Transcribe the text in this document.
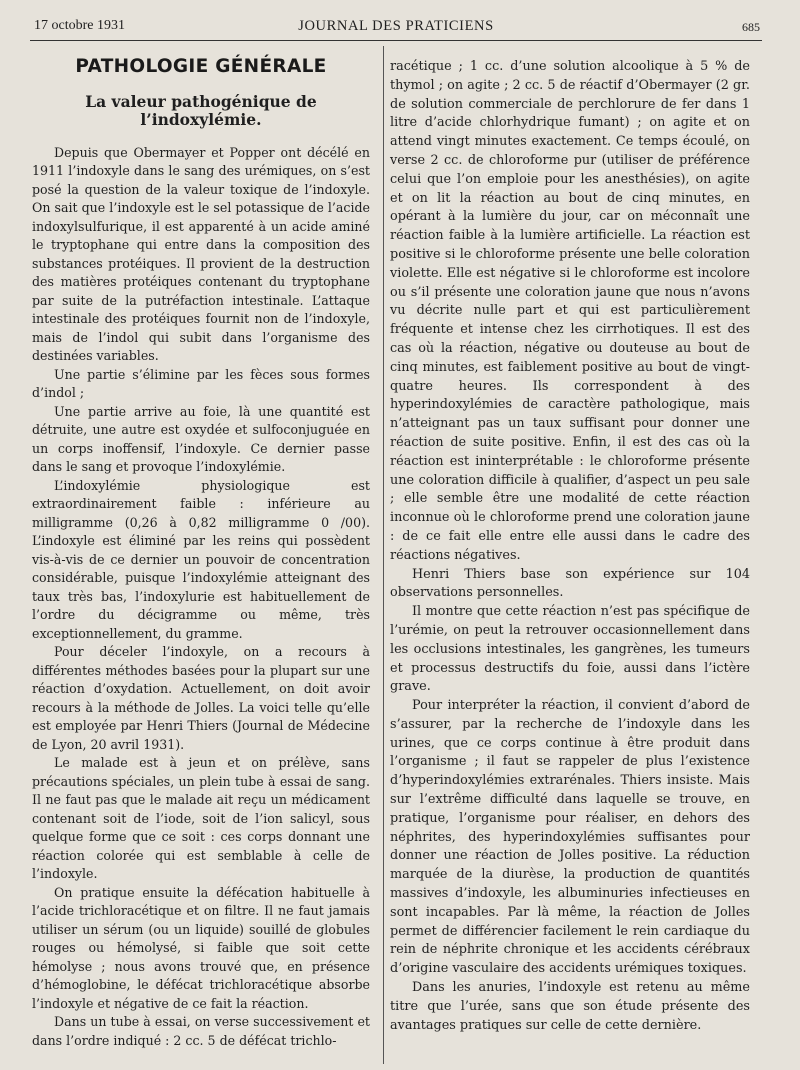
17 octobre 1931	JOURNAL DES PRATICIENS	685
PATHOLOGIE GÉNÉRALE
La valeur pathogénique de l’indoxylémie.

Depuis que Obermayer et Popper ont décélé en 1911 l’indoxyle dans le sang des urémiques, on s’est posé la question de la valeur toxique de l’indoxyle. On sait que l’indoxyle est le sel potassique de l’acide indoxylsulfurique, il est apparenté à un acide aminé le tryptophane qui entre dans la composition des substances protéiques. Il provient de la destruction des matières protéiques contenant du tryptophane par suite de la putréfaction intestinale. L’attaque intestinale des protéiques fournit non de l’indoxyle, mais de l’indol qui subit dans l’organisme des destinées variables.

Une partie s’élimine par les fèces sous formes d’indol ;

Une partie arrive au foie, là une quantité est détruite, une autre est oxydée et sulfoconjuguée en un corps inoffensif, l’indoxyle. Ce dernier passe dans le sang et provoque l’indoxylémie.

L’indoxylémie physiologique est extraordinairement faible : inférieure au milligramme (0,26 à 0,82 milligramme 0 /00). L’indoxyle est éliminé par les reins qui possèdent vis-à-vis de ce dernier un pouvoir de concentration considérable, puisque l’indoxylémie atteignant des taux très bas, l’indoxylurie est habituellement de l’ordre du décigramme ou même, très exceptionnellement, du gramme.

Pour déceler l’indoxyle, on a recours à différentes méthodes basées pour la plupart sur une réaction d’oxydation. Actuellement, on doit avoir recours à la méthode de Jolles. La voici telle qu’elle est employée par Henri Thiers (Journal de Médecine de Lyon, 20 avril 1931).

Le malade est à jeun et on prélève, sans précautions spéciales, un plein tube à essai de sang. Il ne faut pas que le malade ait reçu un médicament contenant soit de l’iode, soit de l’ion salicyl, sous quelque forme que ce soit : ces corps donnant une réaction colorée qui est semblable à celle de l’indoxyle.

On pratique ensuite la défécation habituelle à l’acide trichloracétique et on filtre. Il ne faut jamais utiliser un sérum (ou un liquide) souillé de globules rouges ou hémolysé, si faible que soit cette hémolyse ; nous avons trouvé que, en présence d’hémoglobine, le défécat trichloracétique absorbe l’indoxyle et négative de ce fait la réaction.

Dans un tube à essai, on verse successivement et dans l’ordre indiqué : 2 cc. 5 de défécat trichlo-

racétique ; 1 cc. d’une solution alcoolique à 5 % de thymol ; on agite ; 2 cc. 5 de réactif d’Obermayer (2 gr. de solution commerciale de perchlorure de fer dans 1 litre d’acide chlorhydrique fumant) ; on agite et on attend vingt minutes exactement. Ce temps écoulé, on verse 2 cc. de chloroforme pur (utiliser de préférence celui que l’on emploie pour les anesthésies), on agite et on lit la réaction au bout de cinq minutes, en opérant à la lumière du jour, car on méconnaît une réaction faible à la lumière artificielle. La réaction est positive si le chloroforme présente une belle coloration violette. Elle est négative si le chloroforme est incolore ou s’il présente une coloration jaune que nous n’avons vu décrite nulle part et qui est particulièrement fréquente et intense chez les cirrhotiques. Il est des cas où la réaction, négative ou douteuse au bout de cinq minutes, est faiblement positive au bout de vingt-quatre heures. Ils correspondent à des hyperindoxylémies de caractère pathologique, mais n’atteignant pas un taux suffisant pour donner une réaction de suite positive. Enfin, il est des cas où la réaction est ininterprétable : le chloroforme présente une coloration difficile à qualifier, d’aspect un peu sale ; elle semble être une modalité de cette réaction inconnue où le chloroforme prend une coloration jaune : de ce fait elle entre elle aussi dans le cadre des réactions négatives.

Henri Thiers base son expérience sur 104 observations personnelles.

Il montre que cette réaction n’est pas spécifique de l’urémie, on peut la retrouver occasionnellement dans les occlusions intestinales, les gangrènes, les tumeurs et processus destructifs du foie, aussi dans l’ictère grave.

Pour interpréter la réaction, il convient d’abord de s’assurer, par la recherche de l’indoxyle dans les urines, que ce corps continue à être produit dans l’organisme ; il faut se rappeler de plus l’existence d’hyperindoxylémies extrarénales. Thiers insiste. Mais sur l’extrême difficulté dans laquelle se trouve, en pratique, l’organisme pour réaliser, en dehors des néphrites, des hyperindoxylémies suffisantes pour donner une réaction de Jolles positive. La réduction marquée de la diurèse, la production de quantités massives d’indoxyle, les albuminuries infectieuses en sont incapables. Par là même, la réaction de Jolles permet de différencier facilement le rein cardiaque du rein de néphrite chronique et les accidents cérébraux d’origine vasculaire des accidents urémiques toxiques.

Dans les anuries, l’indoxyle est retenu au même titre que l’urée, sans que son étude présente des avantages pratiques sur celle de cette dernière.
